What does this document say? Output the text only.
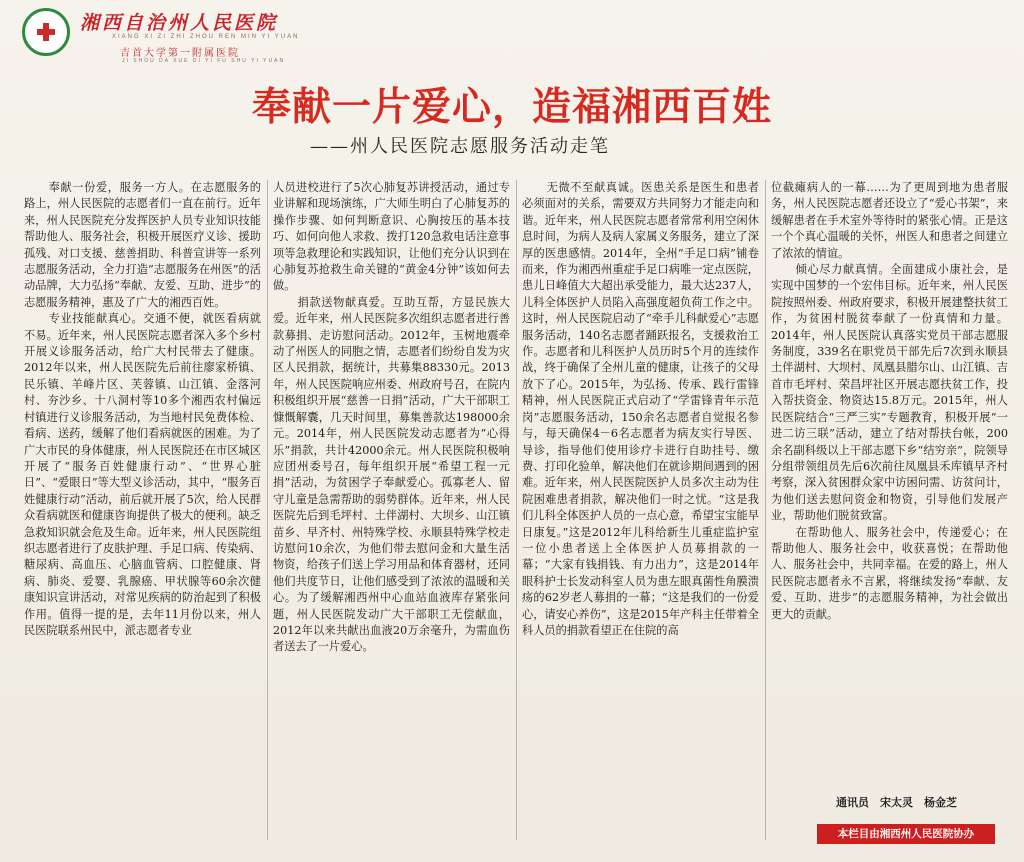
湘西自治州人民医院
XIANG XI ZI ZHI ZHOU REN MIN YI YUAN
吉首大学第一附属医院
JI SHOU DA XUE DI YI FU SHU YI YUAN
奉献一片爱心，造福湘西百姓
——州人民医院志愿服务活动走笔

奉献一份爱，服务一方人。在志愿服务的路上，州人民医院的志愿者们一直在前行。近年来，州人民医院充分发挥医护人员专业知识技能帮助他人、服务社会，积极开展医疗义诊、援助孤残、对口支援、慈善捐助、科普宣讲等一系列志愿服务活动，全力打造“志愿服务在州医”的活动品牌，大力弘扬“奉献、友爱、互助、进步”的志愿服务精神，惠及了广大的湘西百姓。

专业技能献真心。交通不便，就医看病就不易。近年来，州人民医院志愿者深入多个乡村开展义诊服务活动，给广大村民带去了健康。2012年以来，州人民医院先后前往廖家桥镇、民乐镇、羊峰片区、芙蓉镇、山江镇、金落河村、夯沙乡、十八洞村等10多个湘西农村偏远村镇进行义诊服务活动，为当地村民免费体检、看病、送药，缓解了他们看病就医的困难。为了广大市民的身体健康，州人民医院还在市区城区开展了“服务百姓健康行动”、“世界心脏日”、“爱眼日”等大型义诊活动，其中，“服务百姓健康行动”活动，前后就开展了5次，给人民群众看病就医和健康咨询提供了极大的便利。缺乏急救知识就会危及生命。近年来，州人民医院组织志愿者进行了皮肤护理、手足口病、传染病、糖尿病、高血压、心脑血管病、口腔健康、肾病、肺炎、爱婴、乳腺癌、甲状腺等60余次健康知识宣讲活动，对常见疾病的防治起到了积极作用。值得一提的是，去年11月份以来，州人民医院联系州民中，派志愿者专业

人员进校进行了5次心肺复苏讲授活动，通过专业讲解和现场演练，广大师生明白了心肺复苏的操作步骤、如何判断意识、心胸按压的基本技巧、如何向他人求救、拨打120急救电话注意事项等急救理论和实践知识，让他们充分认识到在心肺复苏抢救生命关键的“黄金4分钟”该如何去做。

捐款送物献真爱。互助互帮，方显民族大爱。近年来，州人民医院多次组织志愿者进行善款募捐、走访慰问活动。2012年，玉树地震牵动了州医人的同胞之情，志愿者们纷纷自发为灾区人民捐款，据统计，共募集88330元。2013年，州人民医院响应州委、州政府号召，在院内积极组织开展“慈善一日捐”活动，广大干部职工慷慨解囊，几天时间里，募集善款达198000余元。2014年，州人民医院发动志愿者为“心得乐”捐款，共计42000余元。州人民医院积极响应团州委号召，每年组织开展“希望工程一元捐”活动，为贫困学子奉献爱心。孤寡老人、留守儿童是急需帮助的弱势群体。近年来，州人民医院先后到毛坪村、土伴湖村、大坝乡、山江镇苗乡、早齐村、州特殊学校、永顺县特殊学校走访慰问10余次，为他们带去慰问金和大量生活物资，给孩子们送上学习用品和体育器材，还同他们共度节日，让他们感受到了浓浓的温暖和关心。为了缓解湘西州中心血站血液库存紧张问题，州人民医院发动广大干部职工无偿献血，2012年以来共献出血液20万余毫升，为需血伤者送去了一片爱心。

无微不至献真诚。医患关系是医生和患者必须面对的关系，需要双方共同努力才能走向和谐。近年来，州人民医院志愿者常常利用空闲休息时间，为病人及病人家属义务服务，建立了深厚的医患感情。2014年，全州“手足口病”铺卷而来，作为湘西州重症手足口病唯一定点医院，患儿日峰值大大超出承受能力，最大达237人，儿科全体医护人员陷入高强度超负荷工作之中。这时，州人民医院启动了“牵手儿科献爱心”志愿服务活动，140名志愿者踊跃报名，支援救治工作。志愿者和儿科医护人员历时5个月的连续作战，终于确保了全州儿童的健康，让孩子的父母放下了心。2015年，为弘扬、传承、践行雷锋精神，州人民医院正式启动了“学雷锋青年示范岗”志愿服务活动，150余名志愿者自觉报名参与，每天确保4－6名志愿者为病友实行导医、导诊，指导他们使用诊疗卡进行自助挂号、缴费、打印化验单，解决他们在就诊期间遇到的困难。近年来，州人民医院医护人员多次主动为住院困难患者捐款，解决他们一时之忧。“这是我们儿科全体医护人员的一点心意，希望宝宝能早日康复。”这是2012年儿科给新生儿重症监护室一位小患者送上全体医护人员募捐款的一幕；“大家有钱捐钱、有力出力”，这是2014年眼科护士长发动科室人员为患左眼真菌性角膜溃疡的62岁老人募捐的一幕；“这是我们的一份爱心，请安心养伤”，这是2015年产科主任带着全科人员的捐款看望正在住院的高

位截瘫病人的一幕……为了更周到地为患者服务，州人民医院志愿者还设立了“爱心书架”，来缓解患者在手术室外等待时的紧张心情。正是这一个个真心温暖的关怀，州医人和患者之间建立了浓浓的情谊。

倾心尽力献真情。全面建成小康社会，是实现中国梦的一个宏伟目标。近年来，州人民医院按照州委、州政府要求，积极开展建整扶贫工作，为贫困村脱贫奉献了一份真情和力量。2014年，州人民医院认真落实党员干部志愿服务制度，339名在职党员干部先后7次到永顺县土伴湖村、大坝村、凤凰县腊尔山、山江镇、吉首市毛坪村、荣昌坪社区开展志愿扶贫工作，投入帮扶资金、物资达15.8万元。2015年，州人民医院结合“三严三实”专题教育，积极开展“一进二访三联”活动，建立了结对帮扶台帐，200余名副科级以上干部志愿下乡“结穷亲”，院领导分组带领组员先后6次前往凤凰县禾库镇早齐村考察，深入贫困群众家中访困问需、访贫问计，为他们送去慰问资金和物资，引导他们发展产业，帮助他们脱贫致富。

在帮助他人、服务社会中，传递爱心；在帮助他人、服务社会中，收获喜悦；在帮助他人、服务社会中，共同幸福。在爱的路上，州人民医院志愿者永不言累，将继续发扬“奉献、友爱、互助、进步”的志愿服务精神，为社会做出更大的贡献。

通讯员　宋太灵　杨金芝
本栏目由湘西州人民医院协办
